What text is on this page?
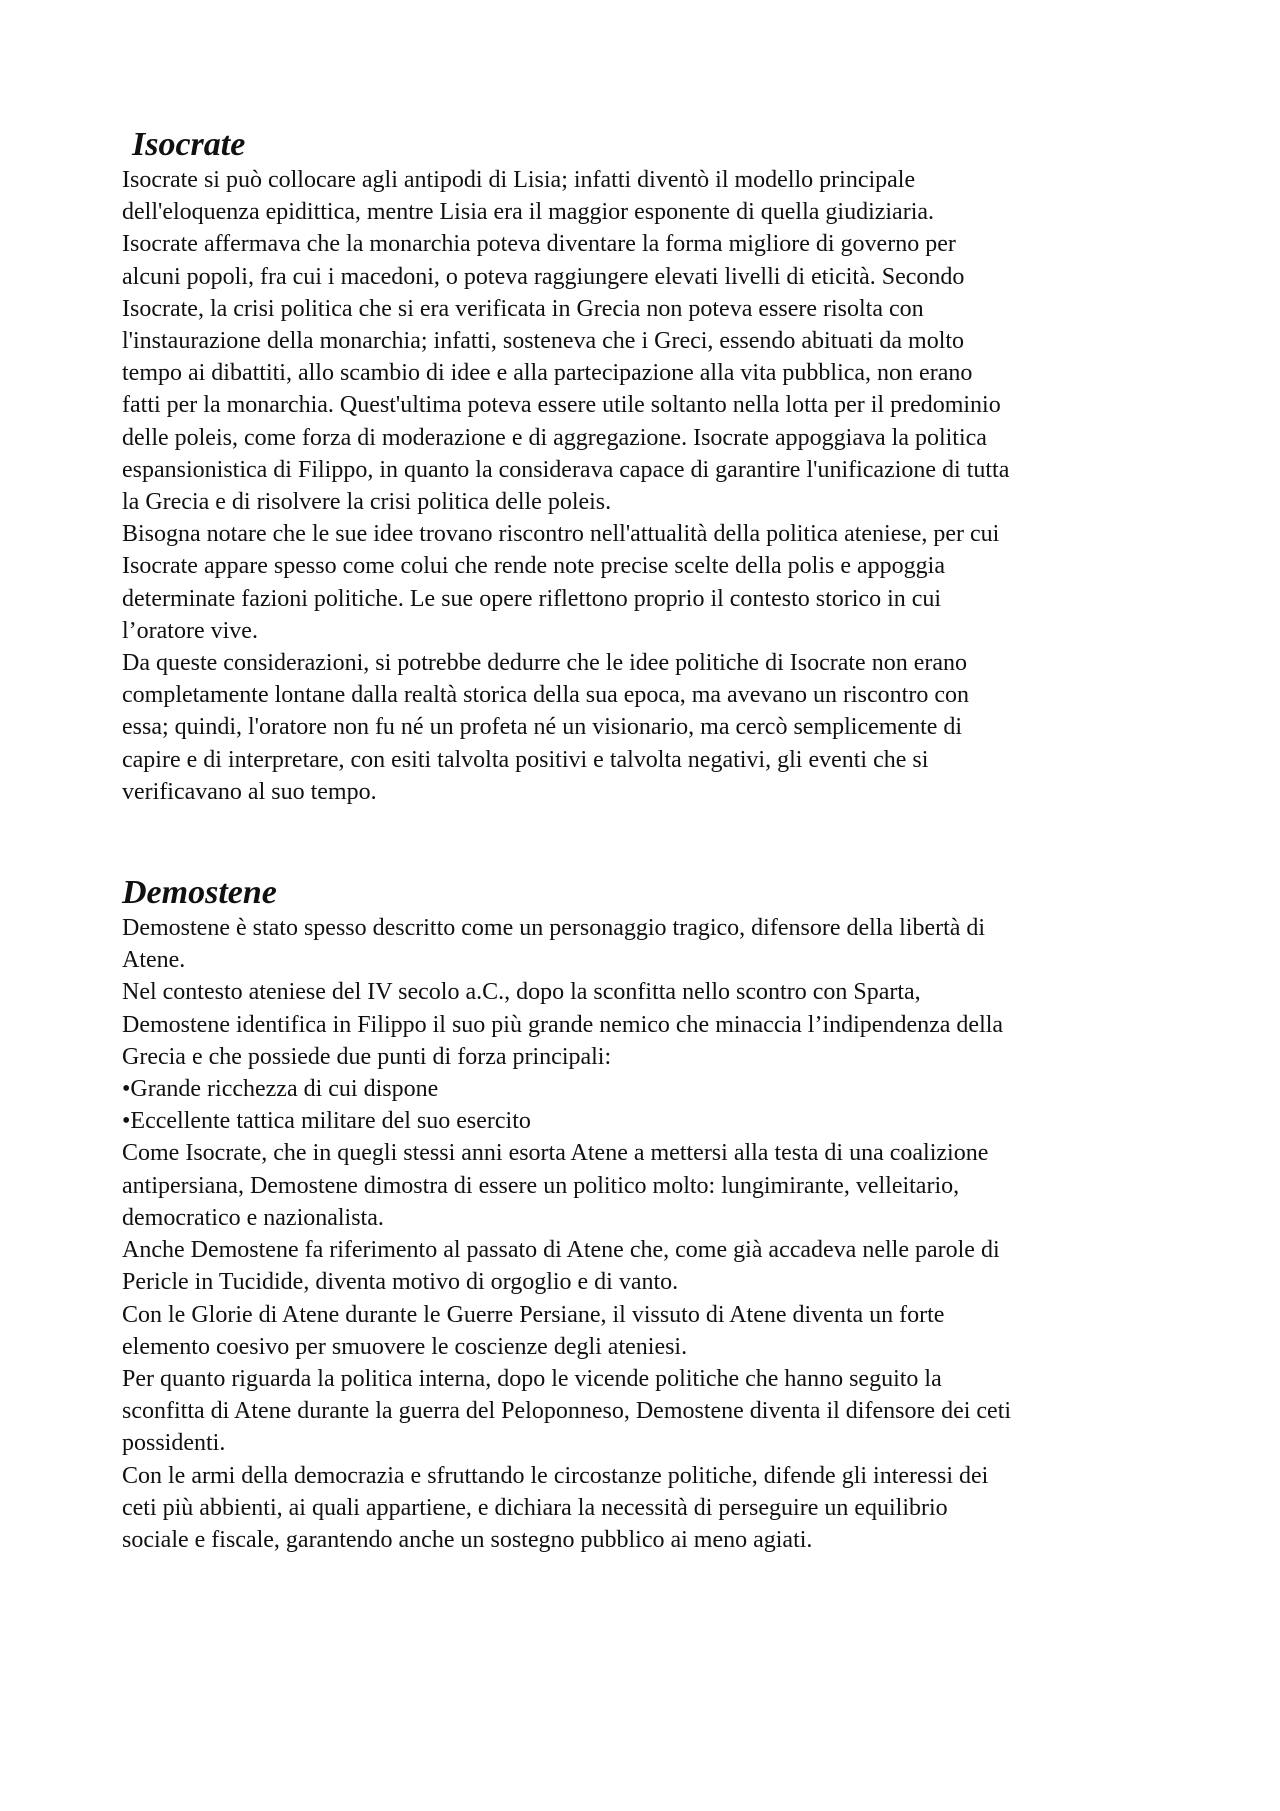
Isocrate

Isocrate si può collocare agli antipodi di Lisia; infatti diventò il modello principale
dell'eloquenza epidittica, mentre Lisia era il maggior esponente di quella giudiziaria.
Isocrate affermava che la monarchia poteva diventare la forma migliore di governo per
alcuni popoli, fra cui i macedoni, o poteva raggiungere elevati livelli di eticità. Secondo
Isocrate, la crisi politica che si era verificata in Grecia non poteva essere risolta con
l'instaurazione della monarchia; infatti, sosteneva che i Greci, essendo abituati da molto
tempo ai dibattiti, allo scambio di idee e alla partecipazione alla vita pubblica, non erano
fatti per la monarchia. Quest'ultima poteva essere utile soltanto nella lotta per il predominio
delle poleis, come forza di moderazione e di aggregazione. Isocrate appoggiava la politica
espansionistica di Filippo, in quanto la considerava capace di garantire l'unificazione di tutta
la Grecia e di risolvere la crisi politica delle poleis.

Bisogna notare che le sue idee trovano riscontro nell'attualità della politica ateniese, per cui
Isocrate appare spesso come colui che rende note precise scelte della polis e appoggia
determinate fazioni politiche. Le sue opere riflettono proprio il contesto storico in cui
l’oratore vive.

Da queste considerazioni, si potrebbe dedurre che le idee politiche di Isocrate non erano
completamente lontane dalla realtà storica della sua epoca, ma avevano un riscontro con
essa; quindi, l'oratore non fu né un profeta né un visionario, ma cercò semplicemente di
capire e di interpretare, con esiti talvolta positivi e talvolta negativi, gli eventi che si
verificavano al suo tempo.

Demostene

Demostene è stato spesso descritto come un personaggio tragico, difensore della libertà di
Atene.

Nel contesto ateniese del IV secolo a.C., dopo la sconfitta nello scontro con Sparta,
Demostene identifica in Filippo il suo più grande nemico che minaccia l’indipendenza della
Grecia e che possiede due punti di forza principali:

•Grande ricchezza di cui dispone

•Eccellente tattica militare del suo esercito

Come Isocrate, che in quegli stessi anni esorta Atene a mettersi alla testa di una coalizione
antipersiana, Demostene dimostra di essere un politico molto: lungimirante, velleitario,
democratico e nazionalista.

Anche Demostene fa riferimento al passato di Atene che, come già accadeva nelle parole di
Pericle in Tucidide, diventa motivo di orgoglio e di vanto.

Con le Glorie di Atene durante le Guerre Persiane, il vissuto di Atene diventa un forte
elemento coesivo per smuovere le coscienze degli ateniesi.

Per quanto riguarda la politica interna, dopo le vicende politiche che hanno seguito la
sconfitta di Atene durante la guerra del Peloponneso, Demostene diventa il difensore dei ceti
possidenti.

Con le armi della democrazia e sfruttando le circostanze politiche, difende gli interessi dei
ceti più abbienti, ai quali appartiene, e dichiara la necessità di perseguire un equilibrio
sociale e fiscale, garantendo anche un sostegno pubblico ai meno agiati.
